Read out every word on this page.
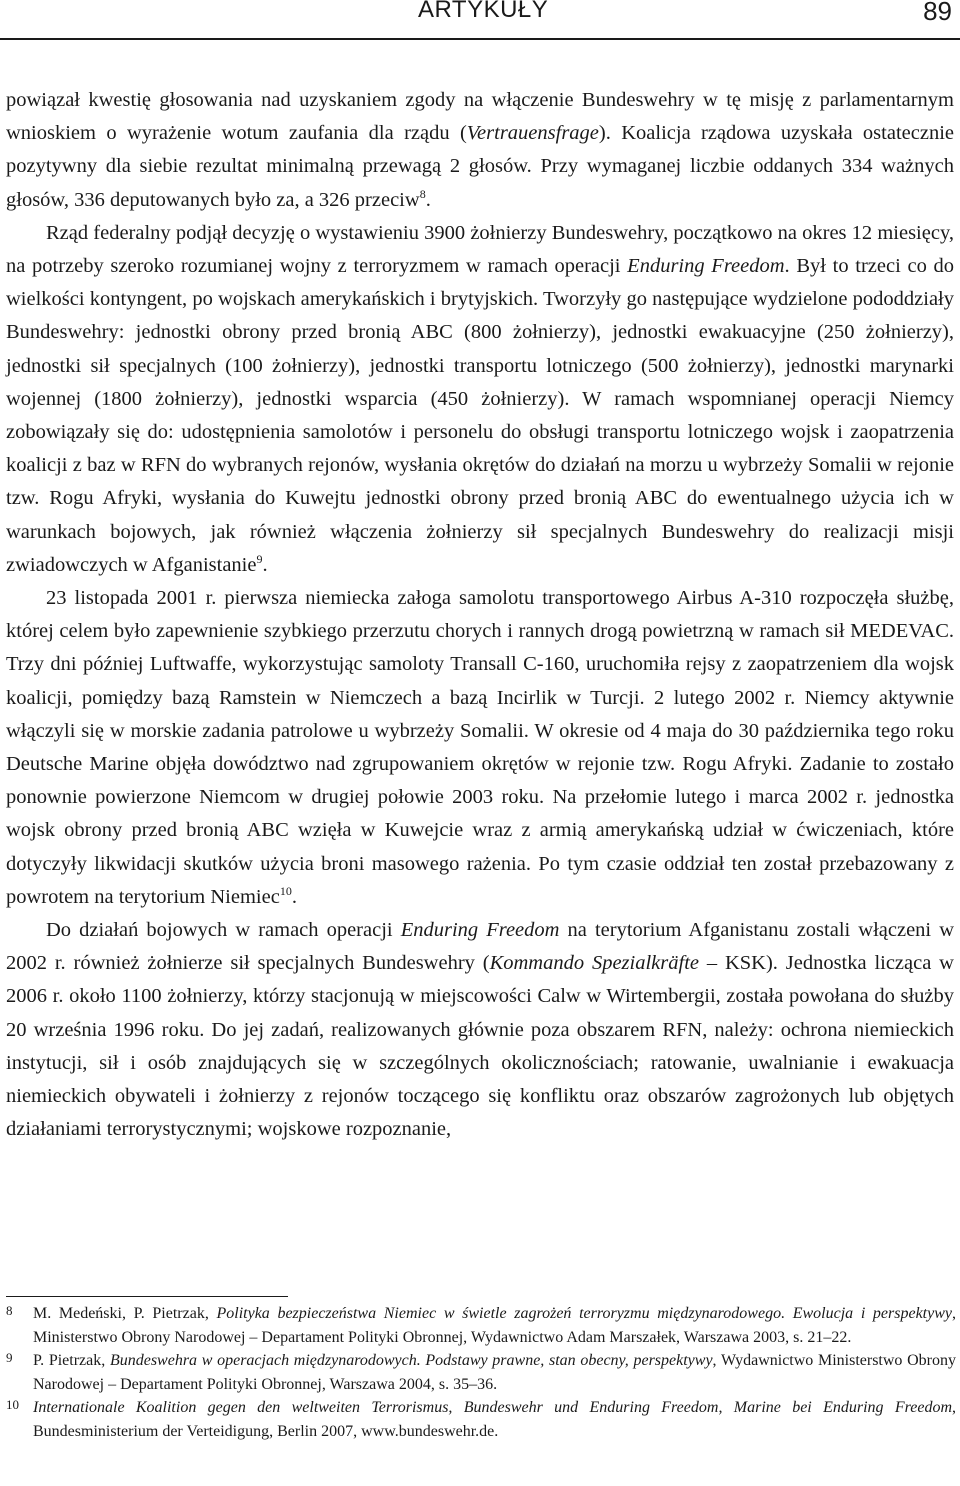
ARTYKUŁY	89

powiązał kwestię głosowania nad uzyskaniem zgody na włączenie Bundeswehry w tę misję z parlamentarnym wnioskiem o wyrażenie wotum zaufania dla rządu (Vertrauensfrage). Koalicja rządowa uzyskała ostatecznie pozytywny dla siebie rezultat minimalną przewagą 2 głosów. Przy wymaganej liczbie oddanych 334 ważnych głosów, 336 deputowanych było za, a 326 przeciw$^8$.

Rząd federalny podjął decyzję o wystawieniu 3900 żołnierzy Bundeswehry, początkowo na okres 12 miesięcy, na potrzeby szeroko rozumianej wojny z terroryzmem w ramach operacji Enduring Freedom. Był to trzeci co do wielkości kontyngent, po wojskach amerykańskich i brytyjskich. Tworzyły go następujące wydzielone pododdziały Bundeswehry: jednostki obrony przed bronią ABC (800 żołnierzy), jednostki ewakuacyjne (250 żołnierzy), jednostki sił specjalnych (100 żołnierzy), jednostki transportu lotniczego (500 żołnierzy), jednostki marynarki wojennej (1800 żołnierzy), jednostki wsparcia (450 żołnierzy). W ramach wspomnianej operacji Niemcy zobowiązały się do: udostępnienia samolotów i personelu do obsługi transportu lotniczego wojsk i zaopatrzenia koalicji z baz w RFN do wybranych rejonów, wysłania okrętów do działań na morzu u wybrzeży Somalii w rejonie tzw. Rogu Afryki, wysłania do Kuwejtu jednostki obrony przed bronią ABC do ewentualnego użycia ich w warunkach bojowych, jak również włączenia żołnierzy sił specjalnych Bundeswehry do realizacji misji zwiadowczych w Afganistanie$^9$.

23 listopada 2001 r. pierwsza niemiecka załoga samolotu transportowego Airbus A-310 rozpoczęła służbę, której celem było zapewnienie szybkiego przerzutu chorych i rannych drogą powietrzną w ramach sił MEDEVAC. Trzy dni później Luftwaffe, wykorzystując samoloty Transall C-160, uruchomiła rejsy z zaopatrzeniem dla wojsk koalicji, pomiędzy bazą Ramstein w Niemczech a bazą Incirlik w Turcji. 2 lutego 2002 r. Niemcy aktywnie włączyli się w morskie zadania patrolowe u wybrzeży Somalii. W okresie od 4 maja do 30 października tego roku Deutsche Marine objęła dowództwo nad zgrupowaniem okrętów w rejonie tzw. Rogu Afryki. Zadanie to zostało ponownie powierzone Niemcom w drugiej połowie 2003 roku. Na przełomie lutego i marca 2002 r. jednostka wojsk obrony przed bronią ABC wzięła w Kuwejcie wraz z armią amerykańską udział w ćwiczeniach, które dotyczyły likwidacji skutków użycia broni masowego rażenia. Po tym czasie oddział ten został przebazowany z powrotem na terytorium Niemiec$^{10}$.

Do działań bojowych w ramach operacji Enduring Freedom na terytorium Afganistanu zostali włączeni w 2002 r. również żołnierze sił specjalnych Bundeswehry (Kommando Spezialkräfte – KSK). Jednostka licząca w 2006 r. około 1100 żołnierzy, którzy stacjonują w miejscowości Calw w Wirtembergii, została powołana do służby 20 września 1996 roku. Do jej zadań, realizowanych głównie poza obszarem RFN, należy: ochrona niemieckich instytucji, sił i osób znajdujących się w szczególnych okolicznościach; ratowanie, uwalnianie i ewakuacja niemieckich obywateli i żołnierzy z rejonów toczącego się konfliktu oraz obszarów zagrożonych lub objętych działaniami terrorystycznymi; wojskowe rozpoznanie,

8 M. Medeński, P. Pietrzak, Polityka bezpieczeństwa Niemiec w świetle zagrożeń terroryzmu międzynarodowego. Ewolucja i perspektywy, Ministerstwo Obrony Narodowej – Departament Polityki Obronnej, Wydawnictwo Adam Marszałek, Warszawa 2003, s. 21–22.
9 P. Pietrzak, Bundeswehra w operacjach międzynarodowych. Podstawy prawne, stan obecny, perspektywy, Wydawnictwo Ministerstwo Obrony Narodowej – Departament Polityki Obronnej, Warszawa 2004, s. 35–36.
10 Internationale Koalition gegen den weltweiten Terrorismus, Bundeswehr und Enduring Freedom, Marine bei Enduring Freedom, Bundesministerium der Verteidigung, Berlin 2007, www.bundeswehr.de.
